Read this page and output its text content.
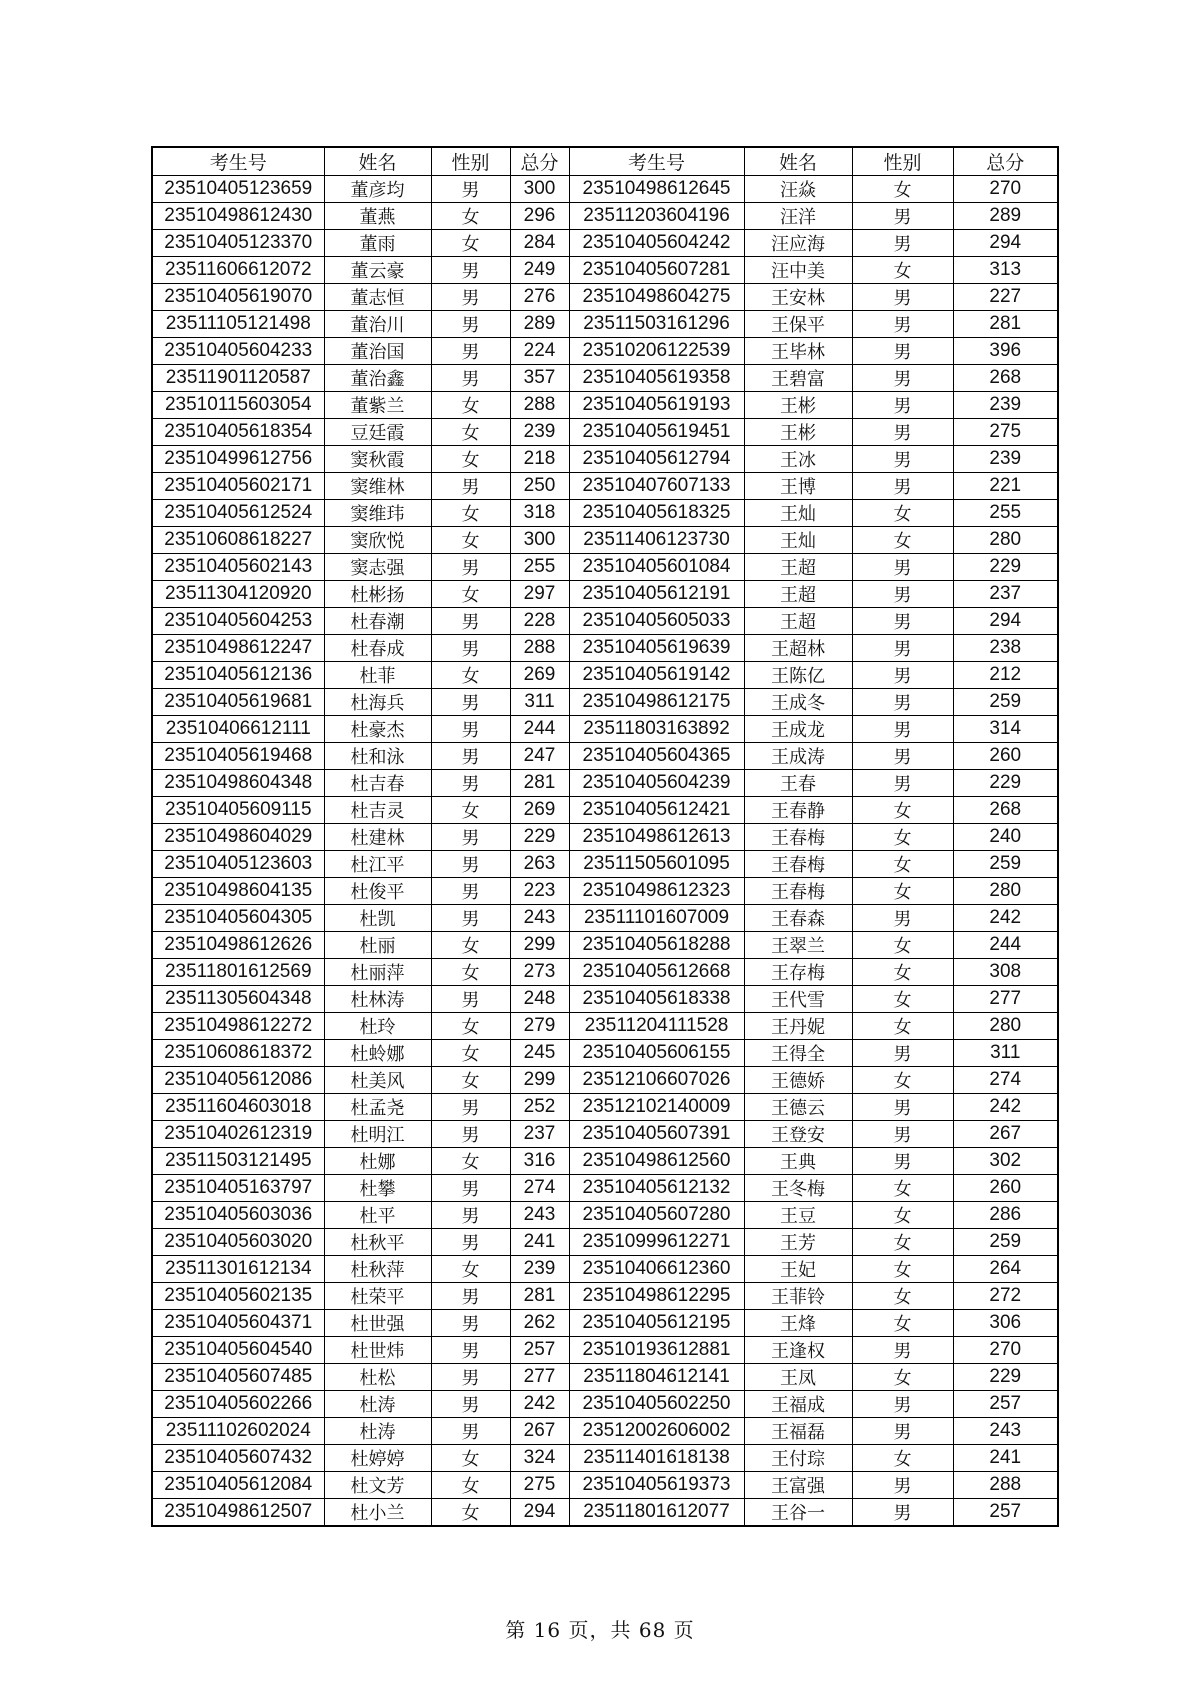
考生号	姓名	性别	总分	考生号	姓名	性别	总分
23510405123659	董彦均	男	300	23510498612645	汪焱	女	270
23510498612430	董燕	女	296	23511203604196	汪洋	男	289
23510405123370	董雨	女	284	23510405604242	汪应海	男	294
23511606612072	董云豪	男	249	23510405607281	汪中美	女	313
23510405619070	董志恒	男	276	23510498604275	王安林	男	227
23511105121498	董治川	男	289	23511503161296	王保平	男	281
23510405604233	董治国	男	224	23510206122539	王毕林	男	396
23511901120587	董治鑫	男	357	23510405619358	王碧富	男	268
23510115603054	董紫兰	女	288	23510405619193	王彬	男	239
23510405618354	豆廷霞	女	239	23510405619451	王彬	男	275
23510499612756	窦秋霞	女	218	23510405612794	王冰	男	239
23510405602171	窦维林	男	250	23510407607133	王博	男	221
23510405612524	窦维玮	女	318	23510405618325	王灿	女	255
23510608618227	窦欣悦	女	300	23511406123730	王灿	女	280
23510405602143	窦志强	男	255	23510405601084	王超	男	229
23511304120920	杜彬扬	女	297	23510405612191	王超	男	237
23510405604253	杜春潮	男	228	23510405605033	王超	男	294
23510498612247	杜春成	男	288	23510405619639	王超林	男	238
23510405612136	杜菲	女	269	23510405619142	王陈亿	男	212
23510405619681	杜海兵	男	311	23510498612175	王成冬	男	259
23510406612111	杜豪杰	男	244	23511803163892	王成龙	男	314
23510405619468	杜和泳	男	247	23510405604365	王成涛	男	260
23510498604348	杜吉春	男	281	23510405604239	王春	男	229
23510405609115	杜吉灵	女	269	23510405612421	王春静	女	268
23510498604029	杜建林	男	229	23510498612613	王春梅	女	240
23510405123603	杜江平	男	263	23511505601095	王春梅	女	259
23510498604135	杜俊平	男	223	23510498612323	王春梅	女	280
23510405604305	杜凯	男	243	23511101607009	王春森	男	242
23510498612626	杜丽	女	299	23510405618288	王翠兰	女	244
23511801612569	杜丽萍	女	273	23510405612668	王存梅	女	308
23511305604348	杜林涛	男	248	23510405618338	王代雪	女	277
23510498612272	杜玲	女	279	23511204111528	王丹妮	女	280
23510608618372	杜蛉娜	女	245	23510405606155	王得全	男	311
23510405612086	杜美风	女	299	23512106607026	王德娇	女	274
23511604603018	杜孟尧	男	252	23512102140009	王德云	男	242
23510402612319	杜明江	男	237	23510405607391	王登安	男	267
23511503121495	杜娜	女	316	23510498612560	王典	男	302
23510405163797	杜攀	男	274	23510405612132	王冬梅	女	260
23510405603036	杜平	男	243	23510405607280	王豆	女	286
23510405603020	杜秋平	男	241	23510999612271	王芳	女	259
23511301612134	杜秋萍	女	239	23510406612360	王妃	女	264
23510405602135	杜荣平	男	281	23510498612295	王菲铃	女	272
23510405604371	杜世强	男	262	23510405612195	王烽	女	306
23510405604540	杜世炜	男	257	23510193612881	王逢权	男	270
23510405607485	杜松	男	277	23511804612141	王凤	女	229
23510405602266	杜涛	男	242	23510405602250	王福成	男	257
23511102602024	杜涛	男	267	23512002606002	王福磊	男	243
23510405607432	杜婷婷	女	324	23511401618138	王付琮	女	241
23510405612084	杜文芳	女	275	23510405619373	王富强	男	288
23510498612507	杜小兰	女	294	23511801612077	王谷一	男	257
第 16 页，共 68 页
